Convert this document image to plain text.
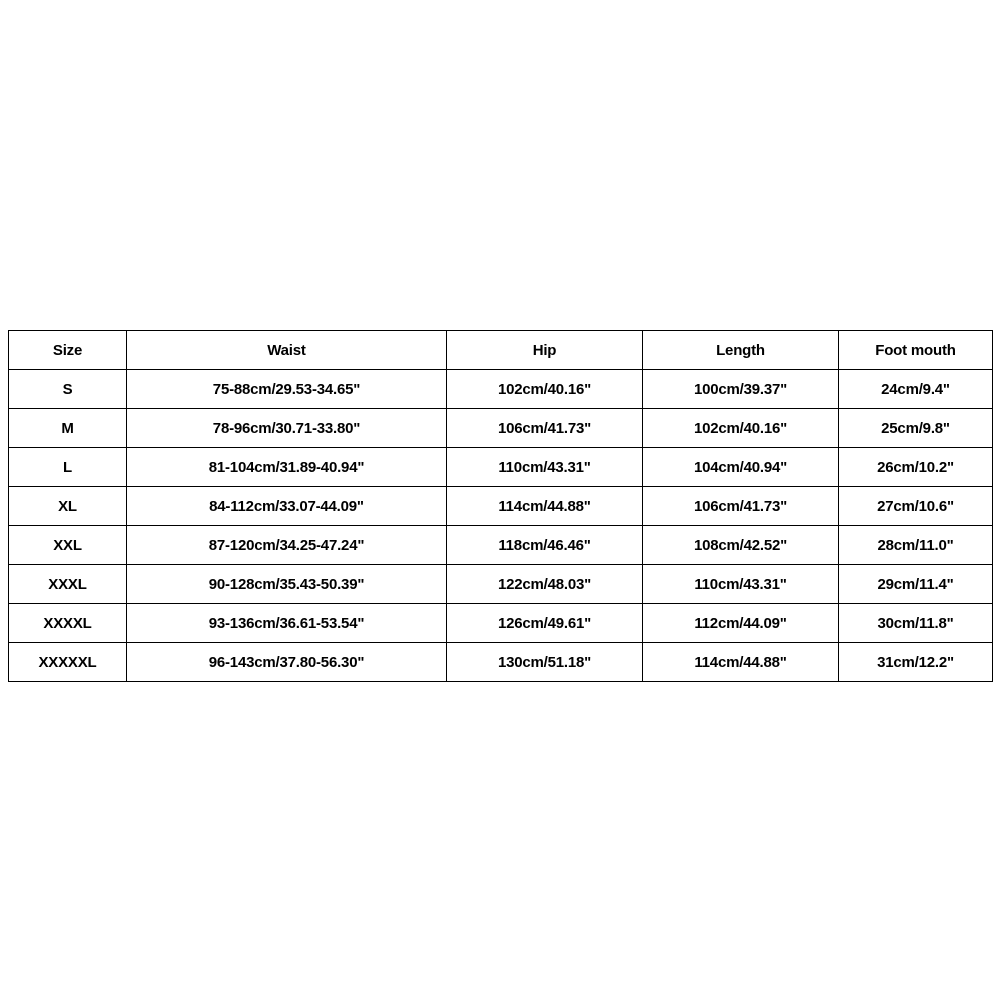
Size	Waist	Hip	Length	Foot mouth
S	75-88cm/29.53-34.65"	102cm/40.16"	100cm/39.37"	24cm/9.4"
M	78-96cm/30.71-33.80"	106cm/41.73"	102cm/40.16"	25cm/9.8"
L	81-104cm/31.89-40.94"	110cm/43.31"	104cm/40.94"	26cm/10.2"
XL	84-112cm/33.07-44.09"	114cm/44.88"	106cm/41.73"	27cm/10.6"
XXL	87-120cm/34.25-47.24"	118cm/46.46"	108cm/42.52"	28cm/11.0"
XXXL	90-128cm/35.43-50.39"	122cm/48.03"	110cm/43.31"	29cm/11.4"
XXXXL	93-136cm/36.61-53.54"	126cm/49.61"	112cm/44.09"	30cm/11.8"
XXXXXL	96-143cm/37.80-56.30"	130cm/51.18"	114cm/44.88"	31cm/12.2"
